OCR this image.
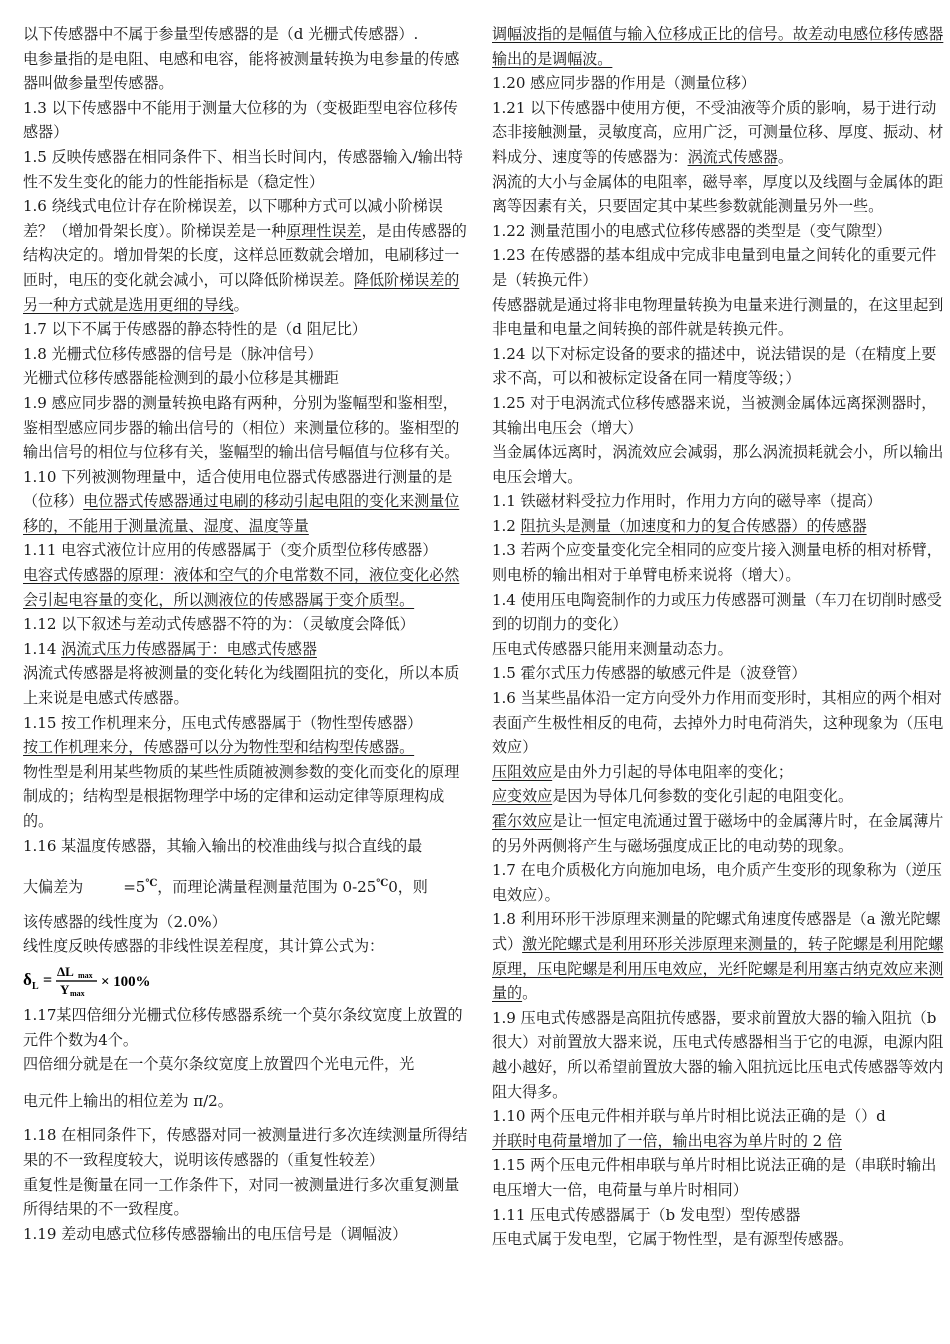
以下传感器中不属于参量型传感器的是（d 光栅式传感器）.

电参量指的是电阻、电感和电容，能将被测量转换为电参量的传感器叫做参量型传感器。

1.3 以下传感器中不能用于测量大位移的为（变极距型电容位移传感器）

1.5 反映传感器在相同条件下、相当长时间内，传感器输入/输出特性不发生变化的能力的性能指标是（稳定性）

1.6 绕线式电位计存在阶梯误差，以下哪种方式可以减小阶梯误差？（增加骨架长度）。阶梯误差是一种原理性误差，是由传感器的结构决定的。增加骨架的长度，这样总匝数就会增加，电刷移过一匝时，电压的变化就会减小，可以降低阶梯误差。降低阶梯误差的另一种方式就是选用更细的导线。

1.7 以下不属于传感器的静态特性的是（d 阻尼比）

1.8 光栅式位移传感器的信号是（脉冲信号）

光栅式位移传感器能检测到的最小位移是其栅距

1.9 感应同步器的测量转换电路有两种，分别为鉴幅型和鉴相型，鉴相型感应同步器的输出信号的（相位）来测量位移的。鉴相型的输出信号的相位与位移有关，鉴幅型的输出信号幅值与位移有关。

1.10 下列被测物理量中，适合使用电位器式传感器进行测量的是（位移）电位器式传感器通过电刷的移动引起电阻的变化来测量位移的，不能用于测量流量、湿度、温度等量

1.11 电容式液位计应用的传感器属于（变介质型位移传感器）

电容式传感器的原理：液体和空气的介电常数不同，液位变化必然会引起电容量的变化，所以测液位的传感器属于变介质型。

1.12 以下叙述与差动式传感器不符的为：（灵敏度会降低）

1.14 涡流式压力传感器属于：电感式传感器

涡流式传感器是将被测量的变化转化为线圈阻抗的变化，所以本质上来说是电感式传感器。

1.15 按工作机理来分，压电式传感器属于（物性型传感器）

按工作机理来分，传感器可以分为物性型和结构型传感器。

物性型是利用某些物质的某些性质随被测参数的变化而变化的原理制成的；结构型是根据物理学中场的定律和运动定律等原理构成的。

1.16 某温度传感器，其输入输出的校准曲线与拟合直线的最

大偏差为	=5℃，而理论满量程测量范围为 0-25℃0，则

该传感器的线性度为（2.0%）

线性度反映传感器的非线性误差程度，其计算公式为：

δ L =
ΔL max
Y max
× 100%

1.17某四倍细分光栅式位移传感器系统一个莫尔条纹宽度上放置的元件个数为4个。

四倍细分就是在一个莫尔条纹宽度上放置四个光电元件，光

电元件上输出的相位差为 π/2。

1.18 在相同条件下，传感器对同一被测量进行多次连续测量所得结果的不一致程度较大，说明该传感器的（重复性较差）

重复性是衡量在同一工作条件下，对同一被测量进行多次重复测量所得结果的不一致程度。

1.19 差动电感式位移传感器输出的电压信号是（调幅波）

调幅波指的是幅值与输入位移成正比的信号。故差动电感位移传感器输出的是调幅波。

1.20 感应同步器的作用是（测量位移）

1.21 以下传感器中使用方便，不受油液等介质的影响，易于进行动态非接触测量，灵敏度高，应用广泛，可测量位移、厚度、振动、材料成分、速度等的传感器为：涡流式传感器。

涡流的大小与金属体的电阻率，磁导率，厚度以及线圈与金属体的距离等因素有关，只要固定其中某些参数就能测量另外一些。

1.22 测量范围小的电感式位移传感器的类型是（变气隙型）

1.23 在传感器的基本组成中完成非电量到电量之间转化的重要元件是（转换元件）

传感器就是通过将非电物理量转换为电量来进行测量的，在这里起到非电量和电量之间转换的部件就是转换元件。

1.24 以下对标定设备的要求的描述中，说法错误的是（在精度上要求不高，可以和被标定设备在同一精度等级；）

1.25 对于电涡流式位移传感器来说，当被测金属体远离探测器时，其输出电压会（增大）

当金属体远离时，涡流效应会减弱，那么涡流损耗就会小，所以输出电压会增大。

1.1 铁磁材料受拉力作用时，作用力方向的磁导率（提高）

1.2 阻抗头是测量（加速度和力的复合传感器）的传感器

1.3 若两个应变量变化完全相同的应变片接入测量电桥的相对桥臂，则电桥的输出相对于单臂电桥来说将（增大）。

1.4 使用压电陶瓷制作的力或压力传感器可测量（车刀在切削时感受到的切削力的变化）

压电式传感器只能用来测量动态力。

1.5 霍尔式压力传感器的敏感元件是（波登管）

1.6 当某些晶体沿一定方向受外力作用而变形时，其相应的两个相对表面产生极性相反的电荷，去掉外力时电荷消失，这种现象为（压电效应）

压阻效应是由外力引起的导体电阻率的变化；

应变效应是因为导体几何参数的变化引起的电阻变化。

霍尔效应是让一恒定电流通过置于磁场中的金属薄片时，在金属薄片的另外两侧将产生与磁场强度成正比的电动势的现象。

1.7 在电介质极化方向施加电场，电介质产生变形的现象称为（逆压电效应）。

1.8 利用环形干涉原理来测量的陀螺式角速度传感器是（a 激光陀螺式）激光陀螺式是利用环形关涉原理来测量的，转子陀螺是利用陀螺原理，压电陀螺是利用压电效应，光纤陀螺是利用塞古纳克效应来测量的。

1.9 压电式传感器是高阻抗传感器，要求前置放大器的输入阻抗（b 很大）对前置放大器来说，压电式传感器相当于它的电源，电源内阻越小越好，所以希望前置放大器的输入阻抗远比压电式传感器等效内阻大得多。

1.10 两个压电元件相并联与单片时相比说法正确的是（）d

并联时电荷量增加了一倍，输出电容为单片时的 2 倍

1.15 两个压电元件相串联与单片时相比说法正确的是（串联时输出电压增大一倍，电荷量与单片时相同）

1.11 压电式传感器属于（b 发电型）型传感器

压电式属于发电型，它属于物性型，是有源型传感器。
